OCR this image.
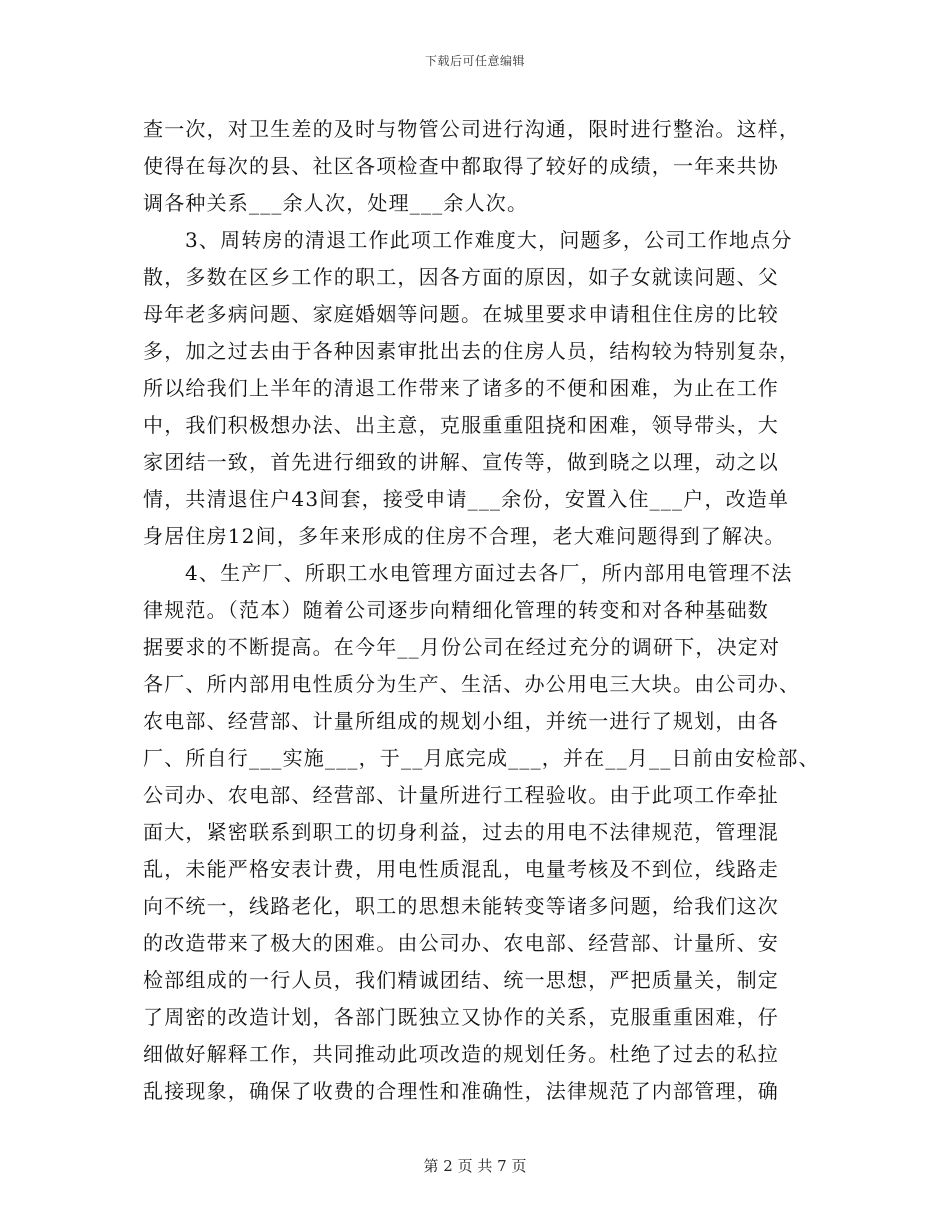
下载后可任意编辑
查一次，对卫生差的及时与物管公司进行沟通，限时进行整治。这样，
使得在每次的县、社区各项检查中都取得了较好的成绩，一年来共协
调各种关系___余人次，处理___余人次。
3、周转房的清退工作此项工作难度大，问题多，公司工作地点分
散，多数在区乡工作的职工，因各方面的原因，如子女就读问题、父
母年老多病问题、家庭婚姻等问题。在城里要求申请租住住房的比较
多，加之过去由于各种因素审批出去的住房人员，结构较为特别复杂，
所以给我们上半年的清退工作带来了诸多的不便和困难，为止在工作
中，我们积极想办法、出主意，克服重重阻挠和困难，领导带头，大
家团结一致，首先进行细致的讲解、宣传等，做到晓之以理，动之以
情，共清退住户43间套，接受申请___余份，安置入住___户，改造单
身居住房12间，多年来形成的住房不合理，老大难问题得到了解决。
4、生产厂、所职工水电管理方面过去各厂，所内部用电管理不法
律规范。（范本）随着公司逐步向精细化管理的转变和对各种基础数
据要求的不断提高。在今年__月份公司在经过充分的调研下，决定对
各厂、所内部用电性质分为生产、生活、办公用电三大块。由公司办、
农电部、经营部、计量所组成的规划小组，并统一进行了规划，由各
厂、所自行___实施___，于__月底完成___，并在__月__日前由安检部、
公司办、农电部、经营部、计量所进行工程验收。由于此项工作牵扯
面大，紧密联系到职工的切身利益，过去的用电不法律规范，管理混
乱，未能严格安表计费，用电性质混乱，电量考核及不到位，线路走
向不统一，线路老化，职工的思想未能转变等诸多问题，给我们这次
的改造带来了极大的困难。由公司办、农电部、经营部、计量所、安
检部组成的一行人员，我们精诚团结、统一思想，严把质量关，制定
了周密的改造计划，各部门既独立又协作的关系，克服重重困难，仔
细做好解释工作，共同推动此项改造的规划任务。杜绝了过去的私拉
乱接现象，确保了收费的合理性和准确性，法律规范了内部管理，确
第 2 页 共 7 页
